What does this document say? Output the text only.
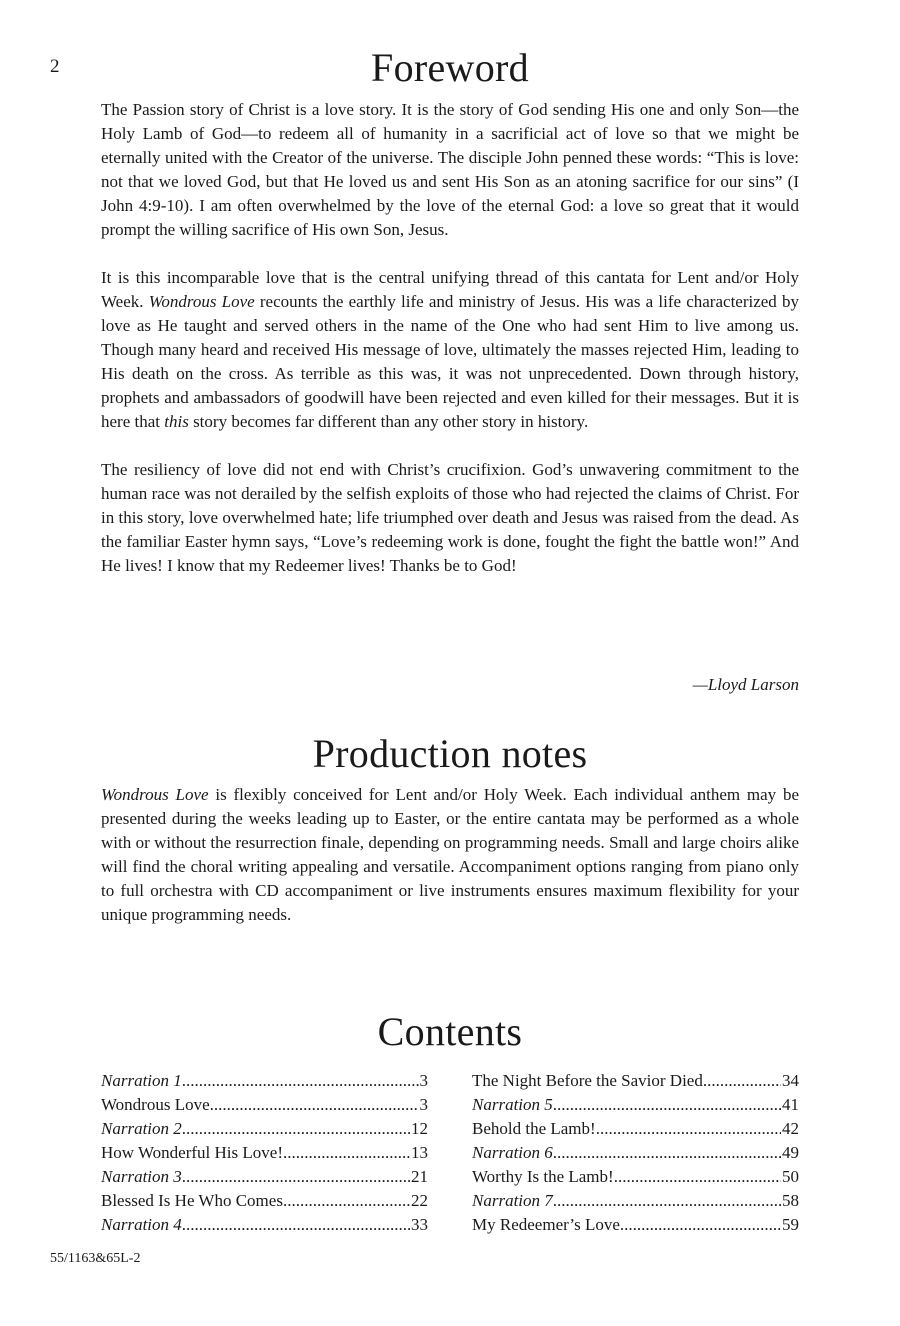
2	Foreword

The Passion story of Christ is a love story. It is the story of God sending His one and only Son—the Holy Lamb of God—to redeem all of humanity in a sacrificial act of love so that we might be eternally united with the Creator of the universe. The disciple John penned these words: “This is love: not that we loved God, but that He loved us and sent His Son as an atoning sacrifice for our sins” (I John 4:9-10). I am often overwhelmed by the love of the eternal God: a love so great that it would prompt the willing sacrifice of His own Son, Jesus.

It is this incomparable love that is the central unifying thread of this cantata for Lent and/or Holy Week. Wondrous Love recounts the earthly life and ministry of Jesus. His was a life characterized by love as He taught and served others in the name of the One who had sent Him to live among us. Though many heard and received His message of love, ultimately the masses rejected Him, leading to His death on the cross. As terrible as this was, it was not unprecedented. Down through history, prophets and ambassadors of goodwill have been rejected and even killed for their messages. But it is here that this story becomes far different than any other story in history.

The resiliency of love did not end with Christ’s crucifixion. God’s unwavering commitment to the human race was not derailed by the selfish exploits of those who had rejected the claims of Christ. For in this story, love overwhelmed hate; life triumphed over death and Jesus was raised from the dead. As the familiar Easter hymn says, “Love’s redeeming work is done, fought the fight the battle won!” And He lives! I know that my Redeemer lives! Thanks be to God!

—Lloyd Larson
Production notes

Wondrous Love is flexibly conceived for Lent and/or Holy Week. Each individual anthem may be presented during the weeks leading up to Easter, or the entire cantata may be performed as a whole with or without the resurrection finale, depending on programming needs. Small and large choirs alike will find the choral writing appealing and versatile. Accompaniment options ranging from piano only to full orchestra with CD accompaniment or live instruments ensures maximum flexibility for your unique programming needs.

Contents
Narration 1 .....	3
Wondrous Love .....	3
Narration 2 .....	12
How Wonderful His Love! .....	13
Narration 3 .....	21
Blessed Is He Who Comes .....	22
Narration 4 .....	33
The Night Before the Savior Died .....	34
Narration 5 .....	41
Behold the Lamb! .....	42
Narration 6 .....	49
Worthy Is the Lamb! .....	50
Narration 7 .....	58
My Redeemer’s Love .....	59
55/1163&65L-2
